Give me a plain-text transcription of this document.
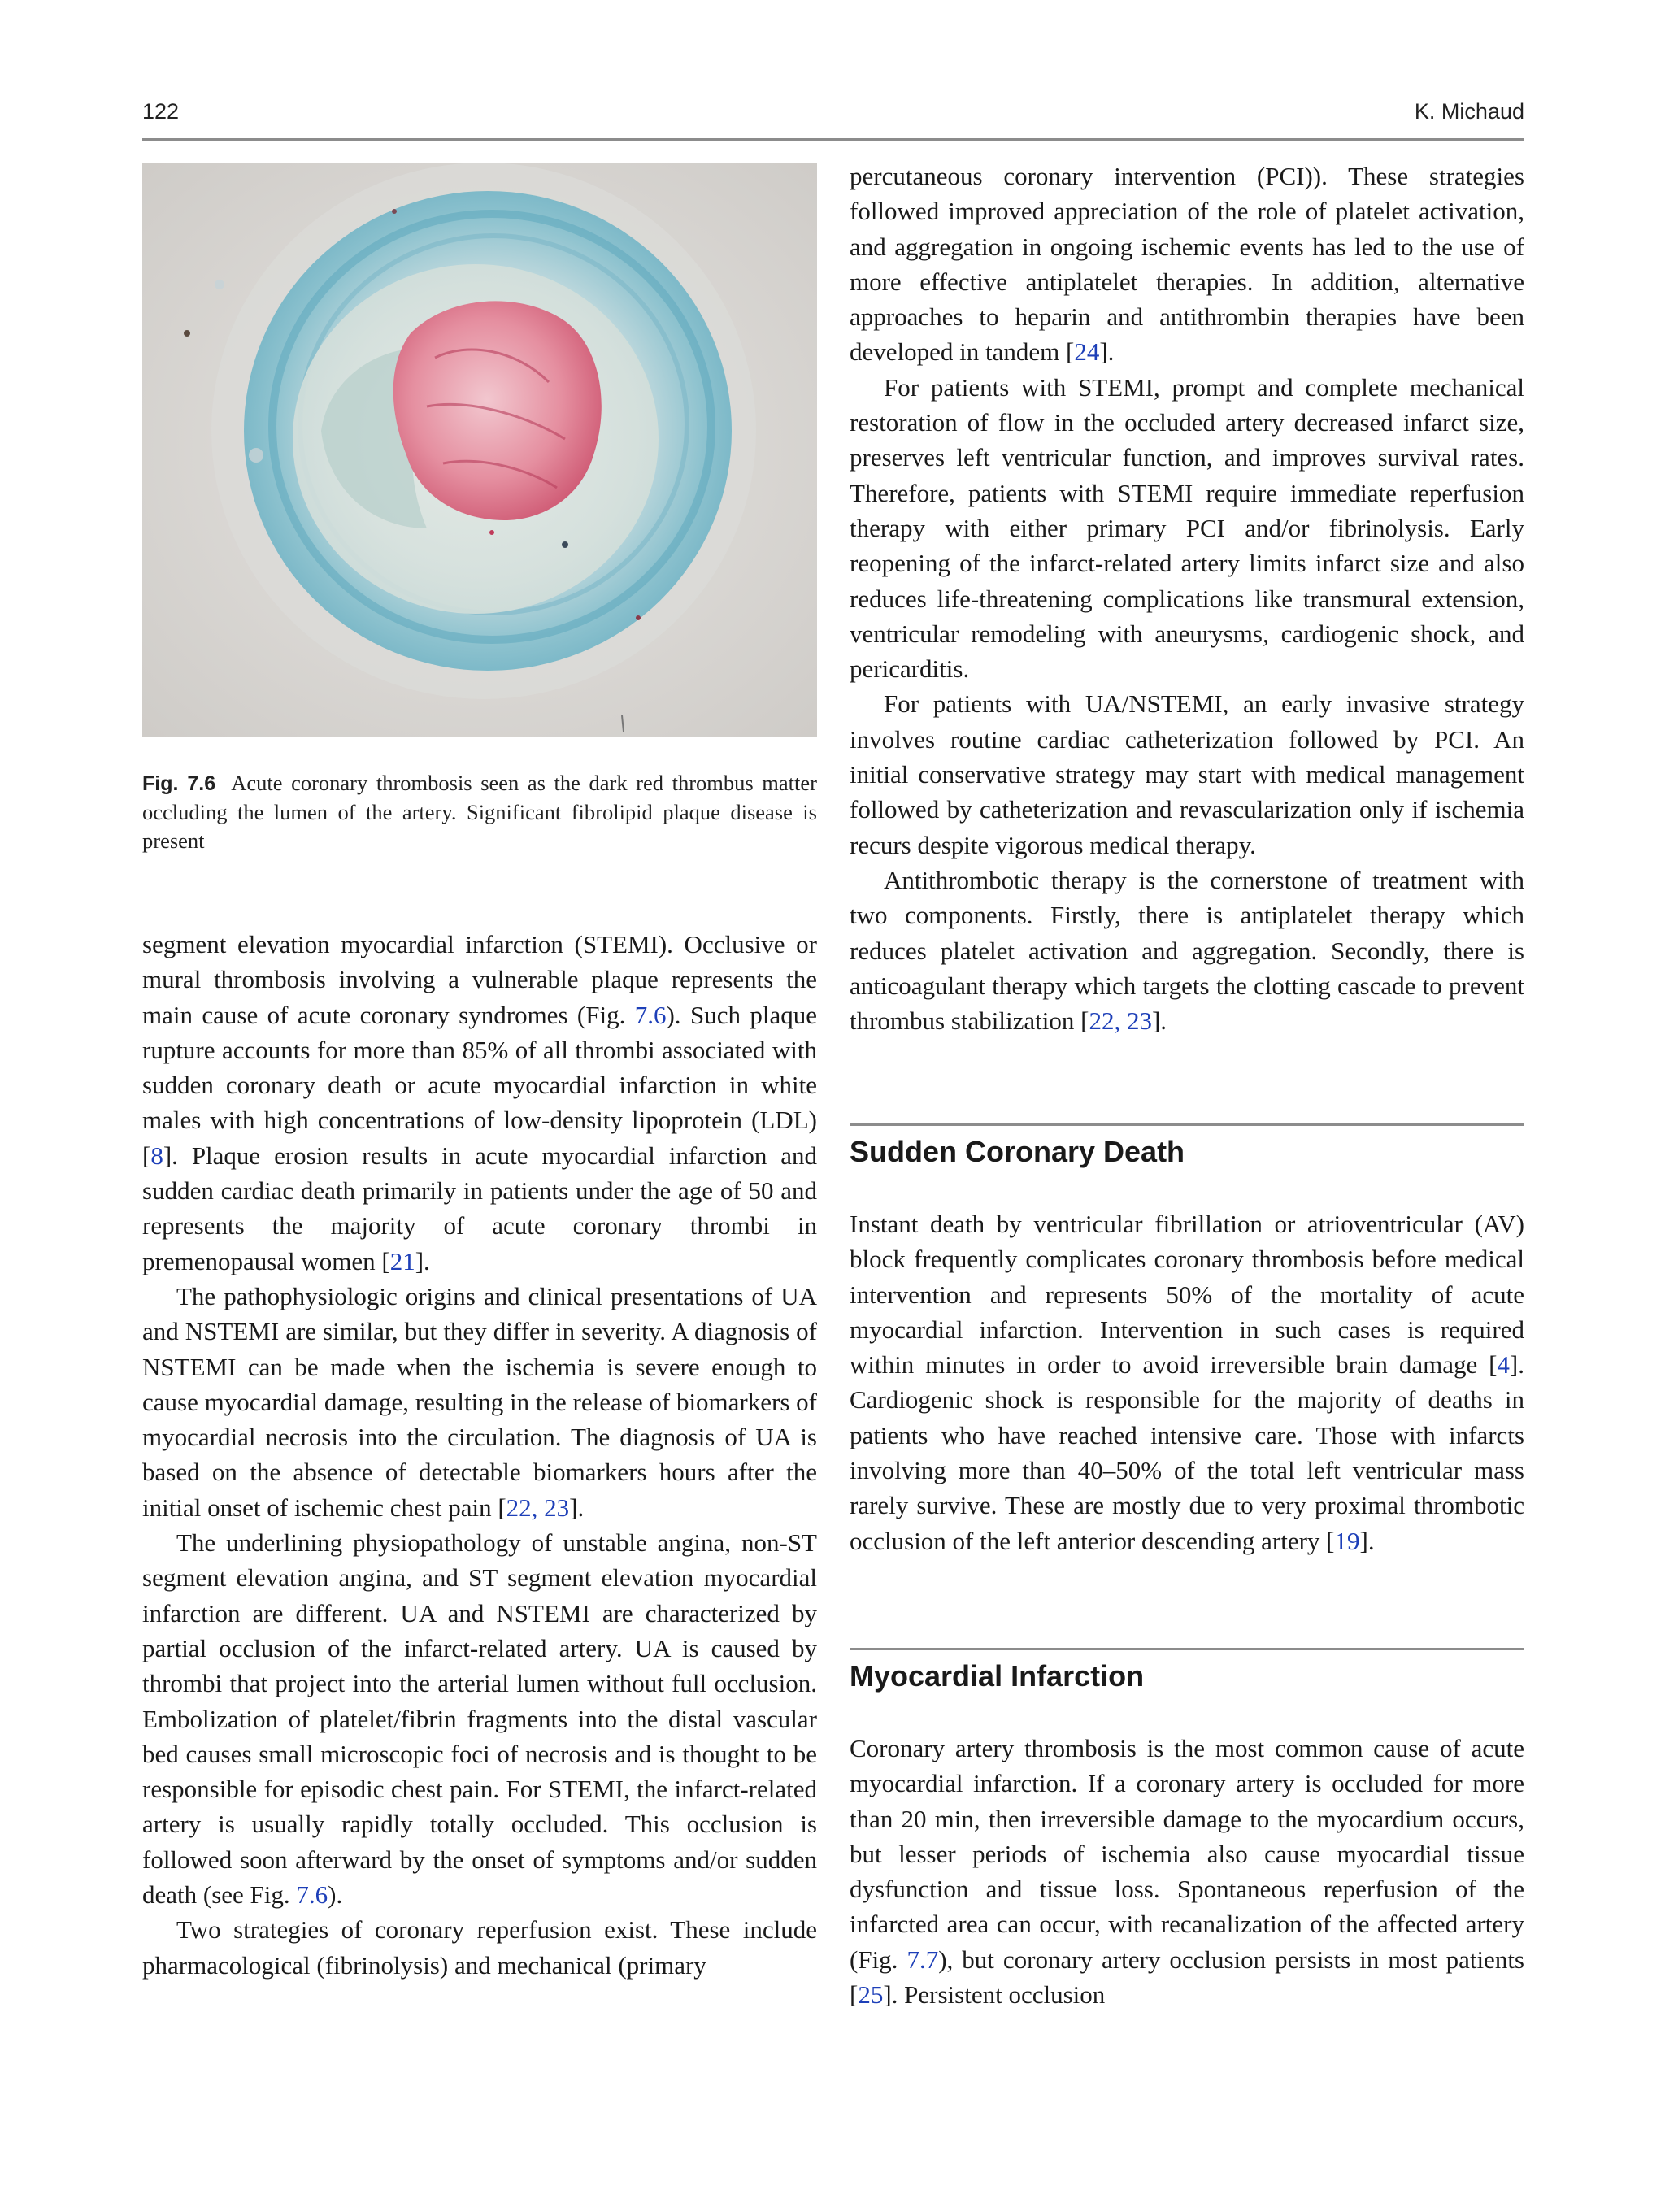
122	K. Michaud
Fig. 7.6 Acute coronary thrombosis seen as the dark red thrombus matter occluding the lumen of the artery. Significant fibrolipid plaque disease is present

segment elevation myocardial infarction (STEMI). Occlusive or mural thrombosis involving a vulnerable plaque represents the main cause of acute coronary syndromes (Fig. 7.6). Such plaque rupture accounts for more than 85% of all thrombi associated with sudden coronary death or acute myocardial infarction in white males with high concentrations of low-density lipoprotein (LDL) [8]. Plaque erosion results in acute myocardial infarction and sudden cardiac death primarily in patients under the age of 50 and represents the majority of acute coronary thrombi in premenopausal women [21].

The pathophysiologic origins and clinical presentations of UA and NSTEMI are similar, but they differ in severity. A diagnosis of NSTEMI can be made when the ischemia is severe enough to cause myocardial damage, resulting in the release of biomarkers of myocardial necrosis into the circulation. The diagnosis of UA is based on the absence of detectable biomarkers hours after the initial onset of ischemic chest pain [22, 23].

The underlining physiopathology of unstable angina, non-ST segment elevation angina, and ST segment elevation myocardial infarction are different. UA and NSTEMI are characterized by partial occlusion of the infarct-related artery. UA is caused by thrombi that project into the arterial lumen without full occlusion. Embolization of platelet/fibrin fragments into the distal vascular bed causes small microscopic foci of necrosis and is thought to be responsible for episodic chest pain. For STEMI, the infarct-related artery is usually rapidly totally occluded. This occlusion is followed soon afterward by the onset of symptoms and/or sudden death (see Fig. 7.6).

Two strategies of coronary reperfusion exist. These include pharmacological (fibrinolysis) and mechanical (primary

percutaneous coronary intervention (PCI)). These strategies followed improved appreciation of the role of platelet activation, and aggregation in ongoing ischemic events has led to the use of more effective antiplatelet therapies. In addition, alternative approaches to heparin and antithrombin therapies have been developed in tandem [24].

For patients with STEMI, prompt and complete mechanical restoration of flow in the occluded artery decreased infarct size, preserves left ventricular function, and improves survival rates. Therefore, patients with STEMI require immediate reperfusion therapy with either primary PCI and/or fibrinolysis. Early reopening of the infarct-related artery limits infarct size and also reduces life-threatening complications like transmural extension, ventricular remodeling with aneurysms, cardiogenic shock, and pericarditis.

For patients with UA/NSTEMI, an early invasive strategy involves routine cardiac catheterization followed by PCI. An initial conservative strategy may start with medical management followed by catheterization and revascularization only if ischemia recurs despite vigorous medical therapy.

Antithrombotic therapy is the cornerstone of treatment with two components. Firstly, there is antiplatelet therapy which reduces platelet activation and aggregation. Secondly, there is anticoagulant therapy which targets the clotting cascade to prevent thrombus stabilization [22, 23].

Sudden Coronary Death

Instant death by ventricular fibrillation or atrioventricular (AV) block frequently complicates coronary thrombosis before medical intervention and represents 50% of the mortality of acute myocardial infarction. Intervention in such cases is required within minutes in order to avoid irreversible brain damage [4]. Cardiogenic shock is responsible for the majority of deaths in patients who have reached intensive care. Those with infarcts involving more than 40–50% of the total left ventricular mass rarely survive. These are mostly due to very proximal thrombotic occlusion of the left anterior descending artery [19].

Myocardial Infarction

Coronary artery thrombosis is the most common cause of acute myocardial infarction. If a coronary artery is occluded for more than 20 min, then irreversible damage to the myocardium occurs, but lesser periods of ischemia also cause myocardial tissue dysfunction and tissue loss. Spontaneous reperfusion of the infarcted area can occur, with recanalization of the affected artery (Fig. 7.7), but coronary artery occlusion persists in most patients [25]. Persistent occlusion
